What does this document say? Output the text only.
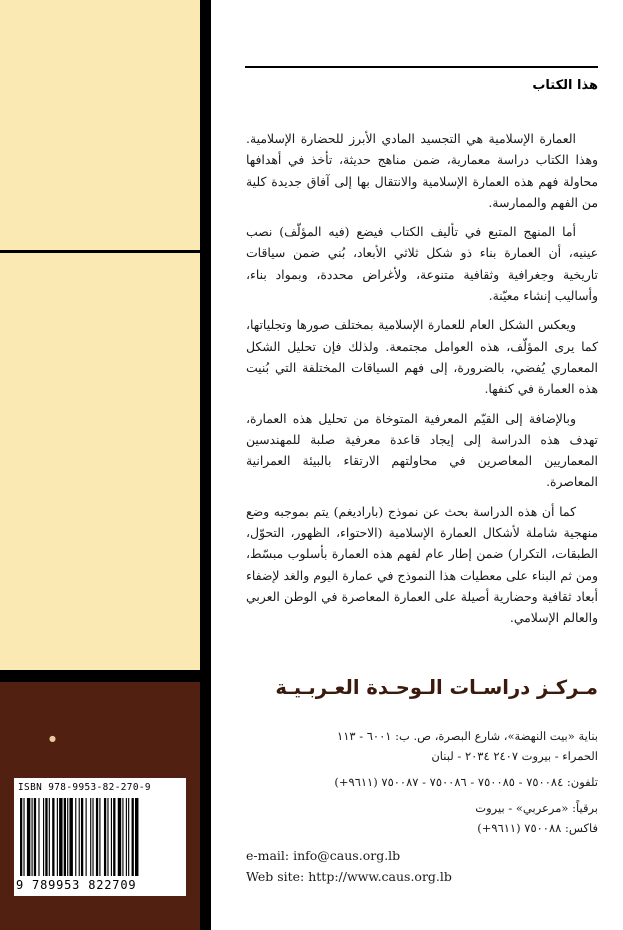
●
هذا الكتاب

العمارة الإسلامية هي التجسيد المادي الأبرز للحضارة الإسلامية. وهذا الكتاب دراسة معمارية، ضمن مناهج حديثة، تأخذ في أهدافها محاولة فهم هذه العمارة الإسلامية والانتقال بها إلى آفاق جديدة كلية من الفهم والممارسة.

أما المنهج المتبع في تأليف الكتاب فيضع (فيه المؤلّف) نصب عينيه، أن العمارة بناء ذو شكل ثلاثي الأبعاد، بُني ضمن سياقات تاريخية وجغرافية وثقافية متنوعة، ولأغراض محددة، وبمواد بناء، وأساليب إنشاء معيّنة.

ويعكس الشكل العام للعمارة الإسلامية بمختلف صورها وتجلياتها، كما يرى المؤلّف، هذه العوامل مجتمعة. ولذلك فإن تحليل الشكل المعماري يُفضي، بالضرورة، إلى فهم السياقات المختلفة التي بُنيت هذه العمارة في كنفها.

وبالإضافة إلى القيّم المعرفية المتوخاة من تحليل هذه العمارة، تهدف هذه الدراسة إلى إيجاد قاعدة معرفية صلبة للمهندسين المعماريين المعاصرين في محاولتهم الارتقاء بالبيئة العمرانية المعاصرة.

كما أن هذه الدراسة بحث عن نموذج (باراديغم) يتم بموجبه وضع منهجية شاملة لأشكال العمارة الإسلامية (الاحتواء، الظهور، التحوّل، الطبقات، التكرار) ضمن إطار عام لفهم هذه العمارة بأسلوب مبسّط، ومن ثم البناء على معطيات هذا النموذج في عمارة اليوم والغد لإضفاء أبعاد ثقافية وحضارية أصيلة على العمارة المعاصرة في الوطن العربي والعالم الإسلامي.

مـركـز دراسـات الـوحـدة العـربـيـة
بناية «بيت النهضة»، شارع البصرة، ص. ب: ٦٠٠١ - ١١٣
الحمراء - بيروت ٢٤٠٧ ٢٠٣٤ - لبنان
تلفون: ٧٥٠٠٨٤ - ٧٥٠٠٨٥ - ٧٥٠٠٨٦ - ٧٥٠٠٨٧ (٩٦١١+)
برقياً: «مرعربي» - بيروت
فاكس: ٧٥٠٠٨٨ (٩٦١١+)
e-mail: info@caus.org.lb
Web site: http://www.caus.org.lb
ISBN 978-9953-82-270-9
9 789953 822709
